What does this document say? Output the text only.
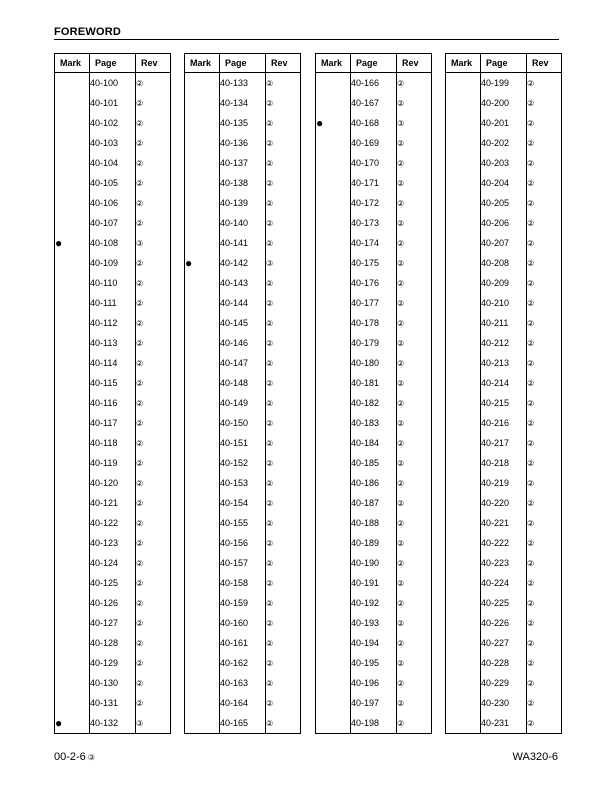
FOREWORD
Mark	Page	Rev
	40-100	②
	40-101	②
	40-102	②
	40-103	②
	40-104	②
	40-105	②
	40-106	②
	40-107	②
●	40-108	③
	40-109	②
	40-110	②
	40-111	②
	40-112	②
	40-113	②
	40-114	②
	40-115	②
	40-116	②
	40-117	②
	40-118	②
	40-119	②
	40-120	②
	40-121	②
	40-122	②
	40-123	②
	40-124	②
	40-125	②
	40-126	②
	40-127	②
	40-128	②
	40-129	②
	40-130	②
	40-131	②
●	40-132	③
Mark	Page	Rev
	40-133	②
	40-134	②
	40-135	②
	40-136	②
	40-137	②
	40-138	②
	40-139	②
	40-140	②
	40-141	②
●	40-142	③
	40-143	②
	40-144	②
	40-145	②
	40-146	②
	40-147	②
	40-148	②
	40-149	②
	40-150	②
	40-151	②
	40-152	②
	40-153	②
	40-154	②
	40-155	②
	40-156	②
	40-157	②
	40-158	②
	40-159	②
	40-160	②
	40-161	②
	40-162	②
	40-163	②
	40-164	②
	40-165	②
Mark	Page	Rev
	40-166	②
	40-167	②
●	40-168	③
	40-169	②
	40-170	②
	40-171	②
	40-172	②
	40-173	②
	40-174	②
	40-175	②
	40-176	②
	40-177	②
	40-178	②
	40-179	②
	40-180	②
	40-181	②
	40-182	②
	40-183	②
	40-184	②
	40-185	②
	40-186	②
	40-187	②
	40-188	②
	40-189	②
	40-190	②
	40-191	②
	40-192	②
	40-193	②
	40-194	②
	40-195	②
	40-196	②
	40-197	②
	40-198	②
Mark	Page	Rev
	40-199	②
	40-200	②
	40-201	②
	40-202	②
	40-203	②
	40-204	②
	40-205	②
	40-206	②
	40-207	②
	40-208	②
	40-209	②
	40-210	②
	40-211	②
	40-212	②
	40-213	②
	40-214	②
	40-215	②
	40-216	②
	40-217	②
	40-218	②
	40-219	②
	40-220	②
	40-221	②
	40-222	②
	40-223	②
	40-224	②
	40-225	②
	40-226	②
	40-227	②
	40-228	②
	40-229	②
	40-230	②
	40-231	②
00-2-6 ③	WA320-6
